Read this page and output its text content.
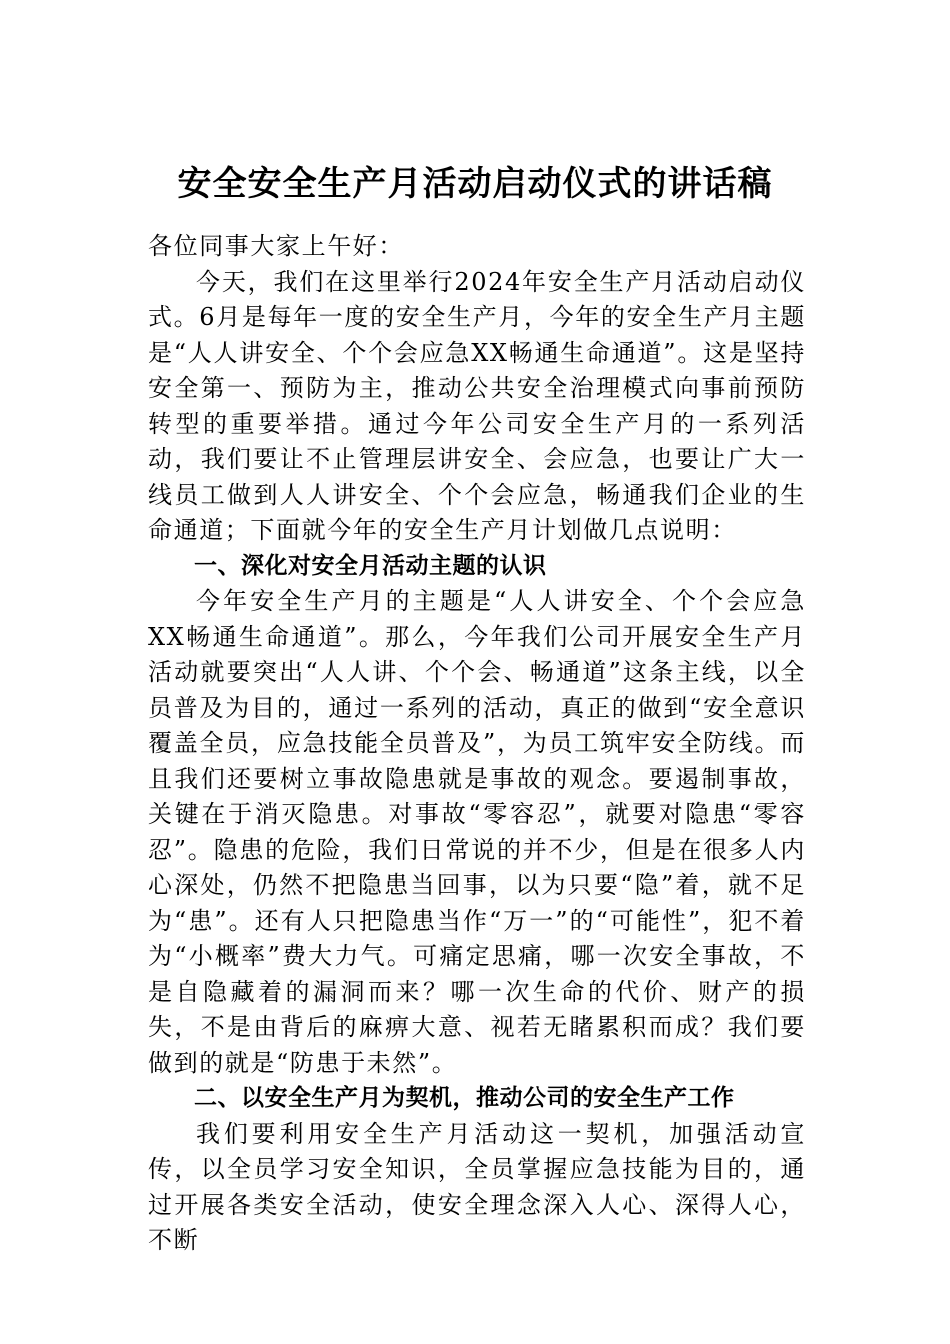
安全安全生产月活动启动仪式的讲话稿

各位同事大家上午好：

今天，我们在这里举行2024年安全生产月活动启动仪式。6月是每年一度的安全生产月，今年的安全生产月主题是“人人讲安全、个个会应急XX畅通生命通道”。这是坚持安全第一、预防为主，推动公共安全治理模式向事前预防转型的重要举措。通过今年公司安全生产月的一系列活动，我们要让不止管理层讲安全、会应急，也要让广大一线员工做到人人讲安全、个个会应急，畅通我们企业的生命通道；下面就今年的安全生产月计划做几点说明：

一、深化对安全月活动主题的认识

今年安全生产月的主题是“人人讲安全、个个会应急XX畅通生命通道”。那么，今年我们公司开展安全生产月活动就要突出“人人讲、个个会、畅通道”这条主线，以全员普及为目的，通过一系列的活动，真正的做到“安全意识覆盖全员，应急技能全员普及”，为员工筑牢安全防线。而且我们还要树立事故隐患就是事故的观念。要遏制事故，关键在于消灭隐患。对事故“零容忍”，就要对隐患“零容忍”。隐患的危险，我们日常说的并不少，但是在很多人内心深处，仍然不把隐患当回事，以为只要“隐”着，就不足为“患”。还有人只把隐患当作“万一”的“可能性”，犯不着为“小概率”费大力气。可痛定思痛，哪一次安全事故，不是自隐藏着的漏洞而来？哪一次生命的代价、财产的损失，不是由背后的麻痹大意、视若无睹累积而成？我们要做到的就是“防患于未然”。

二、以安全生产月为契机，推动公司的安全生产工作

我们要利用安全生产月活动这一契机，加强活动宣传，以全员学习安全知识，全员掌握应急技能为目的，通过开展各类安全活动，使安全理念深入人心、深得人心，不断
